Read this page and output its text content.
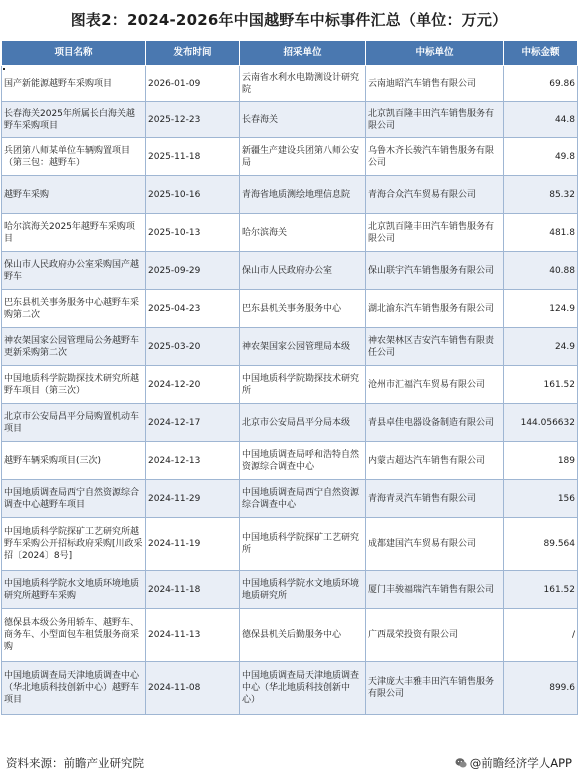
图表2：2024-2026年中国越野车中标事件汇总（单位：万元）
项目名称	发布时间	招采单位	中标单位	中标金额
国产新能源越野车采购项目	2026-01-09	云南省水利水电勘测设计研究院	云南迪昭汽车销售有限公司	69.86
长春海关2025年所属长白海关越野车采购项目	2025-12-23	长春海关	北京凯百隆丰田汽车销售服务有限公司	44.8
兵团第八师某单位车辆购置项目（第三包：越野车）	2025-11-18	新疆生产建设兵团第八师公安局	乌鲁木齐长骏汽车销售服务有限公司	49.8
越野车采购	2025-10-16	青海省地质测绘地理信息院	青海合众汽车贸易有限公司	85.32
哈尔滨海关2025年越野车采购项目	2025-10-13	哈尔滨海关	北京凯百隆丰田汽车销售服务有限公司	481.8
保山市人民政府办公室采购国产越野车	2025-09-29	保山市人民政府办公室	保山联宇汽车销售服务有限公司	40.88
巴东县机关事务服务中心越野车采购第二次	2025-04-23	巴东县机关事务服务中心	湖北渝东汽车销售服务有限公司	124.9
神农架国家公园管理局公务越野车更新采购第二次	2025-03-20	神农架国家公园管理局本级	神农架林区吉安汽车销售有限责任公司	24.9
中国地质科学院勘探技术研究所越野车项目（第三次）	2024-12-20	中国地质科学院勘探技术研究所	沧州市汇福汽车贸易有限公司	161.52
北京市公安局昌平分局购置机动车项目	2024-12-17	北京市公安局昌平分局本级	青县卓佳电器设备制造有限公司	144.056632
越野车辆采购项目(三次)	2024-12-13	中国地质调查局呼和浩特自然资源综合调查中心	内蒙古超达汽车销售有限公司	189
中国地质调查局西宁自然资源综合调查中心越野车项目	2024-11-29	中国地质调查局西宁自然资源综合调查中心	青海青灵汽车销售有限公司	156
中国地质科学院探矿工艺研究所越野车采购公开招标政府采购[川政采招〔2024〕8号]	2024-11-19	中国地质科学院探矿工艺研究所	成都建国汽车贸易有限公司	89.564
中国地质科学院水文地质环境地质研究所越野车采购	2024-11-18	中国地质科学院水文地质环境地质研究所	厦门丰骏福瑞汽车销售有限公司	161.52
德保县本级公务用轿车、越野车、商务车、小型面包车租赁服务商采购	2024-11-13	德保县机关后勤服务中心	广西晟荣投资有限公司	/
中国地质调查局天津地质调查中心（华北地质科技创新中心）越野车项目	2024-11-08	中国地质调查局天津地质调查中心（华北地质科技创新中心）	天津庞大丰雅丰田汽车销售服务有限公司	899.6
资料来源：前瞻产业研究院	@前瞻经济学人APP
